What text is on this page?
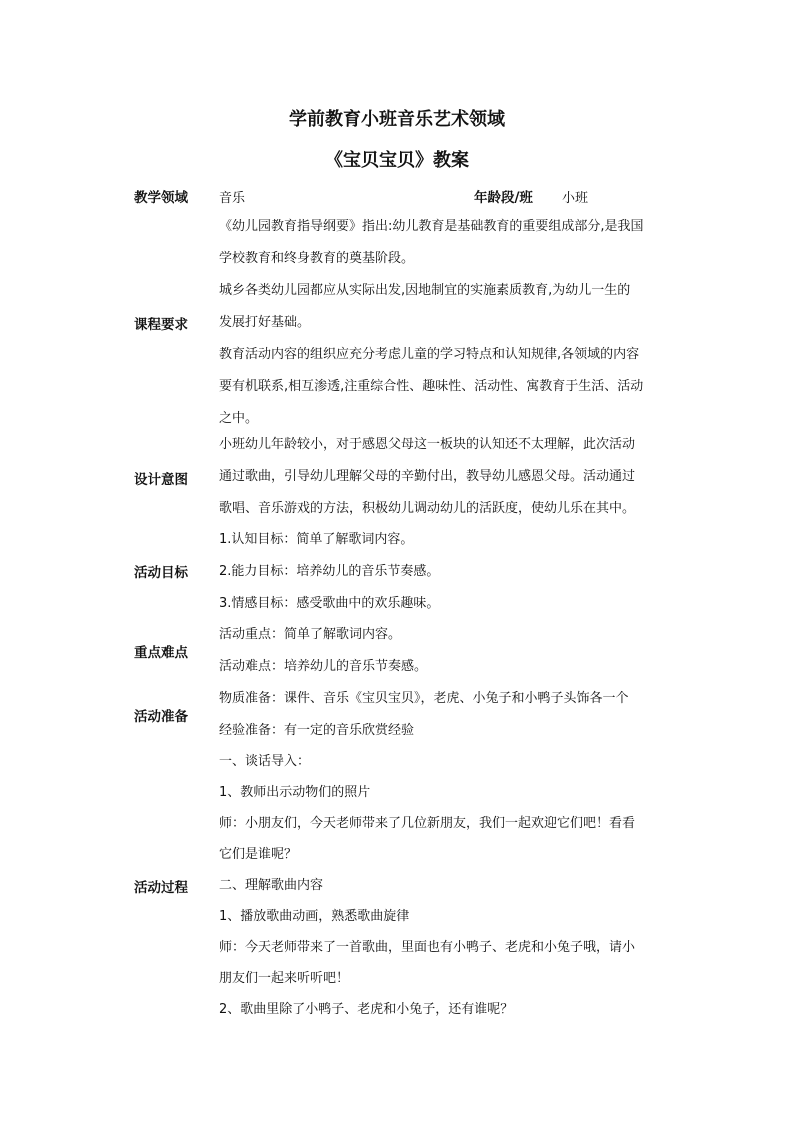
学前教育小班音乐艺术领域
《宝贝宝贝》教案
教学领域 音乐	年龄段/班 小班
课程要求
《幼儿园教育指导纲要》指出:幼儿教育是基础教育的重要组成部分,是我国
学校教育和终身教育的奠基阶段。
城乡各类幼儿园都应从实际出发,因地制宜的实施素质教育,为幼儿一生的
发展打好基础。
教育活动内容的组织应充分考虑儿童的学习特点和认知规律,各领域的内容
要有机联系,相互渗透,注重综合性、趣味性、活动性、寓教育于生活、活动
之中。
设计意图
小班幼儿年龄较小，对于感恩父母这一板块的认知还不太理解，此次活动
通过歌曲，引导幼儿理解父母的辛勤付出，教导幼儿感恩父母。活动通过
歌唱、音乐游戏的方法，积极幼儿调动幼儿的活跃度，使幼儿乐在其中。
活动目标
1.认知目标：简单了解歌词内容。
2.能力目标：培养幼儿的音乐节奏感。
3.情感目标：感受歌曲中的欢乐趣味。
重点难点
活动重点：简单了解歌词内容。
活动难点：培养幼儿的音乐节奏感。
活动准备
物质准备：课件、音乐《宝贝宝贝》，老虎、小兔子和小鸭子头饰各一个
经验准备：有一定的音乐欣赏经验
活动过程
一、谈话导入：
1、教师出示动物们的照片
师：小朋友们，今天老师带来了几位新朋友，我们一起欢迎它们吧！看看
它们是谁呢？
二、理解歌曲内容
1、播放歌曲动画，熟悉歌曲旋律
师：今天老师带来了一首歌曲，里面也有小鸭子、老虎和小兔子哦，请小
朋友们一起来听听吧！
2、歌曲里除了小鸭子、老虎和小兔子，还有谁呢？
